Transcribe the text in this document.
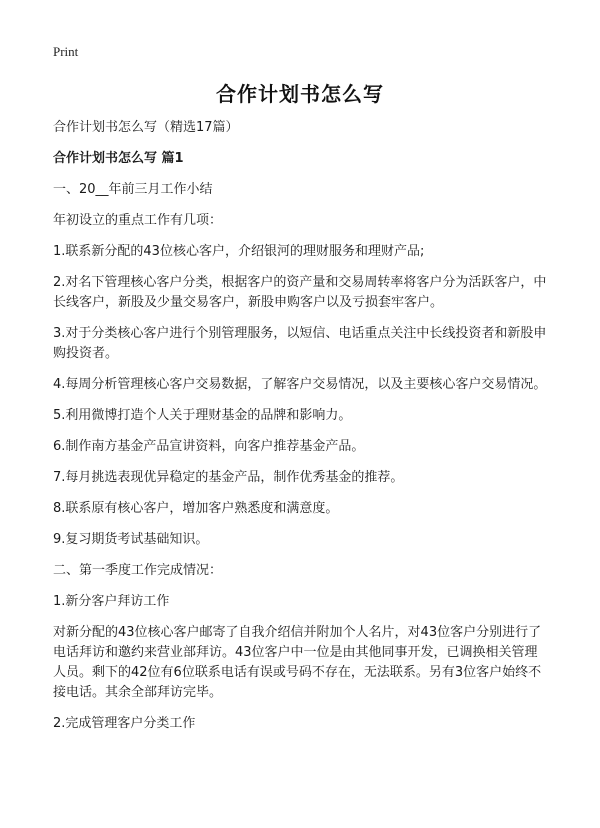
Print
合作计划书怎么写

合作计划书怎么写（精选17篇）

合作计划书怎么写 篇1

一、20__年前三月工作小结

年初设立的重点工作有几项：

1.联系新分配的43位核心客户，介绍银河的理财服务和理财产品;

2.对名下管理核心客户分类，根据客户的资产量和交易周转率将客户分为活跃客户，中长线客户，新股及少量交易客户，新股申购客户以及亏损套牢客户。

3.对于分类核心客户进行个别管理服务，以短信、电话重点关注中长线投资者和新股申购投资者。

4.每周分析管理核心客户交易数据，了解客户交易情况，以及主要核心客户交易情况。

5.利用微博打造个人关于理财基金的品牌和影响力。

6.制作南方基金产品宣讲资料，向客户推荐基金产品。

7.每月挑选表现优异稳定的基金产品，制作优秀基金的推荐。

8.联系原有核心客户，增加客户熟悉度和满意度。

9.复习期货考试基础知识。

二、第一季度工作完成情况：

1.新分客户拜访工作

对新分配的43位核心客户邮寄了自我介绍信并附加个人名片，对43位客户分别进行了电话拜访和邀约来营业部拜访。43位客户中一位是由其他同事开发，已调换相关管理人员。剩下的42位有6位联系电话有误或号码不存在，无法联系。另有3位客户始终不接电话。其余全部拜访完毕。

2.完成管理客户分类工作
